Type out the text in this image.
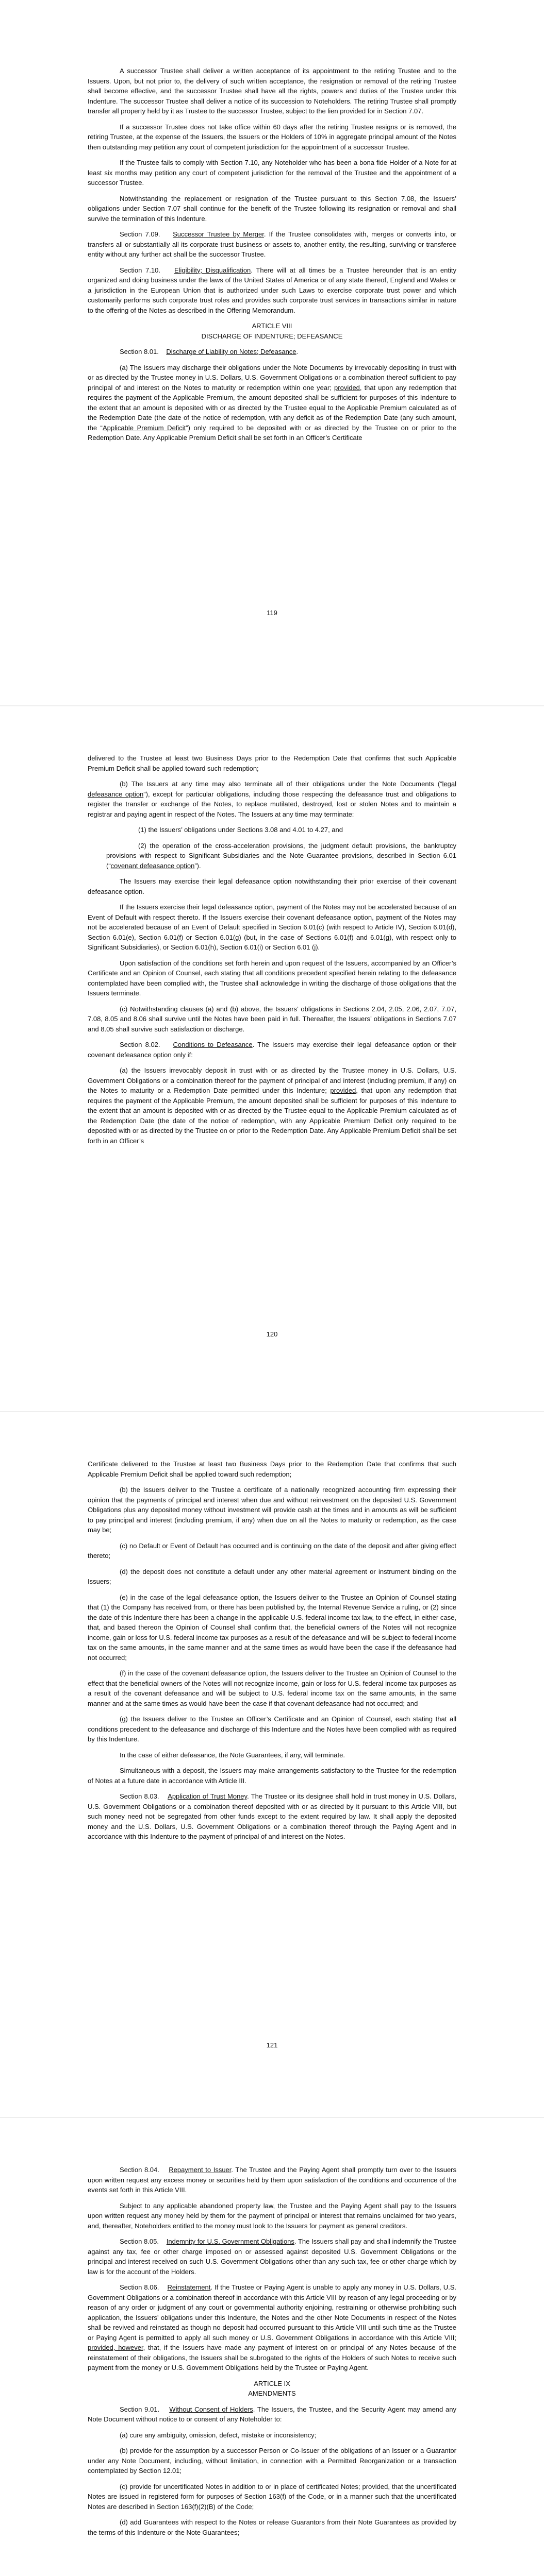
A successor Trustee shall deliver a written acceptance of its appointment to the retiring Trustee and to the Issuers. Upon, but not prior to, the delivery of such written acceptance, the resignation or removal of the retiring Trustee shall become effective, and the successor Trustee shall have all the rights, powers and duties of the Trustee under this Indenture. The successor Trustee shall deliver a notice of its succession to Noteholders. The retiring Trustee shall promptly transfer all property held by it as Trustee to the successor Trustee, subject to the lien provided for in Section 7.07.

If a successor Trustee does not take office within 60 days after the retiring Trustee resigns or is removed, the retiring Trustee, at the expense of the Issuers, the Issuers or the Holders of 10% in aggregate principal amount of the Notes then outstanding may petition any court of competent jurisdiction for the appointment of a successor Trustee.

If the Trustee fails to comply with Section 7.10, any Noteholder who has been a bona fide Holder of a Note for at least six months may petition any court of competent jurisdiction for the removal of the Trustee and the appointment of a successor Trustee.

Notwithstanding the replacement or resignation of the Trustee pursuant to this Section 7.08, the Issuers’ obligations under Section 7.07 shall continue for the benefit of the Trustee following its resignation or removal and shall survive the termination of this Indenture.

Section 7.09. Successor Trustee by Merger. If the Trustee consolidates with, merges or converts into, or transfers all or substantially all its corporate trust business or assets to, another entity, the resulting, surviving or transferee entity without any further act shall be the successor Trustee.

Section 7.10. Eligibility; Disqualification. There will at all times be a Trustee hereunder that is an entity organized and doing business under the laws of the United States of America or of any state thereof, England and Wales or a jurisdiction in the European Union that is authorized under such Laws to exercise corporate trust power and which customarily performs such corporate trust roles and provides such corporate trust services in transactions similar in nature to the offering of the Notes as described in the Offering Memorandum.

ARTICLE VIII

DISCHARGE OF INDENTURE; DEFEASANCE

Section 8.01. Discharge of Liability on Notes; Defeasance.

(a) The Issuers may discharge their obligations under the Note Documents by irrevocably depositing in trust with or as directed by the Trustee money in U.S. Dollars, U.S. Government Obligations or a combination thereof sufficient to pay principal of and interest on the Notes to maturity or redemption within one year; provided, that upon any redemption that requires the payment of the Applicable Premium, the amount deposited shall be sufficient for purposes of this Indenture to the extent that an amount is deposited with or as directed by the Trustee equal to the Applicable Premium calculated as of the Redemption Date (the date of the notice of redemption, with any deficit as of the Redemption Date (any such amount, the “Applicable Premium Deficit”) only required to be deposited with or as directed by the Trustee on or prior to the Redemption Date. Any Applicable Premium Deficit shall be set forth in an Officer’s Certificate

119

delivered to the Trustee at least two Business Days prior to the Redemption Date that confirms that such Applicable Premium Deficit shall be applied toward such redemption;

(b) The Issuers at any time may also terminate all of their obligations under the Note Documents (“legal defeasance option”), except for particular obligations, including those respecting the defeasance trust and obligations to register the transfer or exchange of the Notes, to replace mutilated, destroyed, lost or stolen Notes and to maintain a registrar and paying agent in respect of the Notes. The Issuers at any time may terminate:

(1) the Issuers’ obligations under Sections 3.08 and 4.01 to 4.27, and

(2) the operation of the cross-acceleration provisions, the judgment default provisions, the bankruptcy provisions with respect to Significant Subsidiaries and the Note Guarantee provisions, described in Section 6.01 (“covenant defeasance option”).

The Issuers may exercise their legal defeasance option notwithstanding their prior exercise of their covenant defeasance option.

If the Issuers exercise their legal defeasance option, payment of the Notes may not be accelerated because of an Event of Default with respect thereto. If the Issuers exercise their covenant defeasance option, payment of the Notes may not be accelerated because of an Event of Default specified in Section 6.01(c) (with respect to Article IV), Section 6.01(d), Section 6.01(e), Section 6.01(f) or Section 6.01(g) (but, in the case of Sections 6.01(f) and 6.01(g), with respect only to Significant Subsidiaries), or Section 6.01(h), Section 6.01(i) or Section 6.01 (j).

Upon satisfaction of the conditions set forth herein and upon request of the Issuers, accompanied by an Officer’s Certificate and an Opinion of Counsel, each stating that all conditions precedent specified herein relating to the defeasance contemplated have been complied with, the Trustee shall acknowledge in writing the discharge of those obligations that the Issuers terminate.

(c) Notwithstanding clauses (a) and (b) above, the Issuers’ obligations in Sections 2.04, 2.05, 2.06, 2.07, 7.07, 7.08, 8.05 and 8.06 shall survive until the Notes have been paid in full. Thereafter, the Issuers’ obligations in Sections 7.07 and 8.05 shall survive such satisfaction or discharge.

Section 8.02. Conditions to Defeasance. The Issuers may exercise their legal defeasance option or their covenant defeasance option only if:

(a) the Issuers irrevocably deposit in trust with or as directed by the Trustee money in U.S. Dollars, U.S. Government Obligations or a combination thereof for the payment of principal of and interest (including premium, if any) on the Notes to maturity or a Redemption Date permitted under this Indenture; provided, that upon any redemption that requires the payment of the Applicable Premium, the amount deposited shall be sufficient for purposes of this Indenture to the extent that an amount is deposited with or as directed by the Trustee equal to the Applicable Premium calculated as of the Redemption Date (the date of the notice of redemption, with any Applicable Premium Deficit only required to be deposited with or as directed by the Trustee on or prior to the Redemption Date. Any Applicable Premium Deficit shall be set forth in an Officer’s

120

Certificate delivered to the Trustee at least two Business Days prior to the Redemption Date that confirms that such Applicable Premium Deficit shall be applied toward such redemption;

(b) the Issuers deliver to the Trustee a certificate of a nationally recognized accounting firm expressing their opinion that the payments of principal and interest when due and without reinvestment on the deposited U.S. Government Obligations plus any deposited money without investment will provide cash at the times and in amounts as will be sufficient to pay principal and interest (including premium, if any) when due on all the Notes to maturity or redemption, as the case may be;

(c) no Default or Event of Default has occurred and is continuing on the date of the deposit and after giving effect thereto;

(d) the deposit does not constitute a default under any other material agreement or instrument binding on the Issuers;

(e) in the case of the legal defeasance option, the Issuers deliver to the Trustee an Opinion of Counsel stating that (1) the Company has received from, or there has been published by, the Internal Revenue Service a ruling, or (2) since the date of this Indenture there has been a change in the applicable U.S. federal income tax law, to the effect, in either case, that, and based thereon the Opinion of Counsel shall confirm that, the beneficial owners of the Notes will not recognize income, gain or loss for U.S. federal income tax purposes as a result of the defeasance and will be subject to federal income tax on the same amounts, in the same manner and at the same times as would have been the case if the defeasance had not occurred;

(f) in the case of the covenant defeasance option, the Issuers deliver to the Trustee an Opinion of Counsel to the effect that the beneficial owners of the Notes will not recognize income, gain or loss for U.S. federal income tax purposes as a result of the covenant defeasance and will be subject to U.S. federal income tax on the same amounts, in the same manner and at the same times as would have been the case if that covenant defeasance had not occurred; and

(g) the Issuers deliver to the Trustee an Officer’s Certificate and an Opinion of Counsel, each stating that all conditions precedent to the defeasance and discharge of this Indenture and the Notes have been complied with as required by this Indenture.

In the case of either defeasance, the Note Guarantees, if any, will terminate.

Simultaneous with a deposit, the Issuers may make arrangements satisfactory to the Trustee for the redemption of Notes at a future date in accordance with Article III.

Section 8.03. Application of Trust Money. The Trustee or its designee shall hold in trust money in U.S. Dollars, U.S. Government Obligations or a combination thereof deposited with or as directed by it pursuant to this Article VIII, but such money need not be segregated from other funds except to the extent required by law. It shall apply the deposited money and the U.S. Dollars, U.S. Government Obligations or a combination thereof through the Paying Agent and in accordance with this Indenture to the payment of principal of and interest on the Notes.

121

Section 8.04. Repayment to Issuer. The Trustee and the Paying Agent shall promptly turn over to the Issuers upon written request any excess money or securities held by them upon satisfaction of the conditions and occurrence of the events set forth in this Article VIII.

Subject to any applicable abandoned property law, the Trustee and the Paying Agent shall pay to the Issuers upon written request any money held by them for the payment of principal or interest that remains unclaimed for two years, and, thereafter, Noteholders entitled to the money must look to the Issuers for payment as general creditors.

Section 8.05. Indemnity for U.S. Government Obligations. The Issuers shall pay and shall indemnify the Trustee against any tax, fee or other charge imposed on or assessed against deposited U.S. Government Obligations or the principal and interest received on such U.S. Government Obligations other than any such tax, fee or other charge which by law is for the account of the Holders.

Section 8.06. Reinstatement. If the Trustee or Paying Agent is unable to apply any money in U.S. Dollars, U.S. Government Obligations or a combination thereof in accordance with this Article VIII by reason of any legal proceeding or by reason of any order or judgment of any court or governmental authority enjoining, restraining or otherwise prohibiting such application, the Issuers’ obligations under this Indenture, the Notes and the other Note Documents in respect of the Notes shall be revived and reinstated as though no deposit had occurred pursuant to this Article VIII until such time as the Trustee or Paying Agent is permitted to apply all such money or U.S. Government Obligations in accordance with this Article VIII; provided, however, that, if the Issuers have made any payment of interest on or principal of any Notes because of the reinstatement of their obligations, the Issuers shall be subrogated to the rights of the Holders of such Notes to receive such payment from the money or U.S. Government Obligations held by the Trustee or Paying Agent.

ARTICLE IX

AMENDMENTS

Section 9.01. Without Consent of Holders. The Issuers, the Trustee, and the Security Agent may amend any Note Document without notice to or consent of any Noteholder to:

(a) cure any ambiguity, omission, defect, mistake or inconsistency;

(b) provide for the assumption by a successor Person or Co-Issuer of the obligations of an Issuer or a Guarantor under any Note Document, including, without limitation, in connection with a Permitted Reorganization or a transaction contemplated by Section 12.01;

(c) provide for uncertificated Notes in addition to or in place of certificated Notes; provided, that the uncertificated Notes are issued in registered form for purposes of Section 163(f) of the Code, or in a manner such that the uncertificated Notes are described in Section 163(f)(2)(B) of the Code;

(d) add Guarantees with respect to the Notes or release Guarantors from their Note Guarantees as provided by the terms of this Indenture or the Note Guarantees;
